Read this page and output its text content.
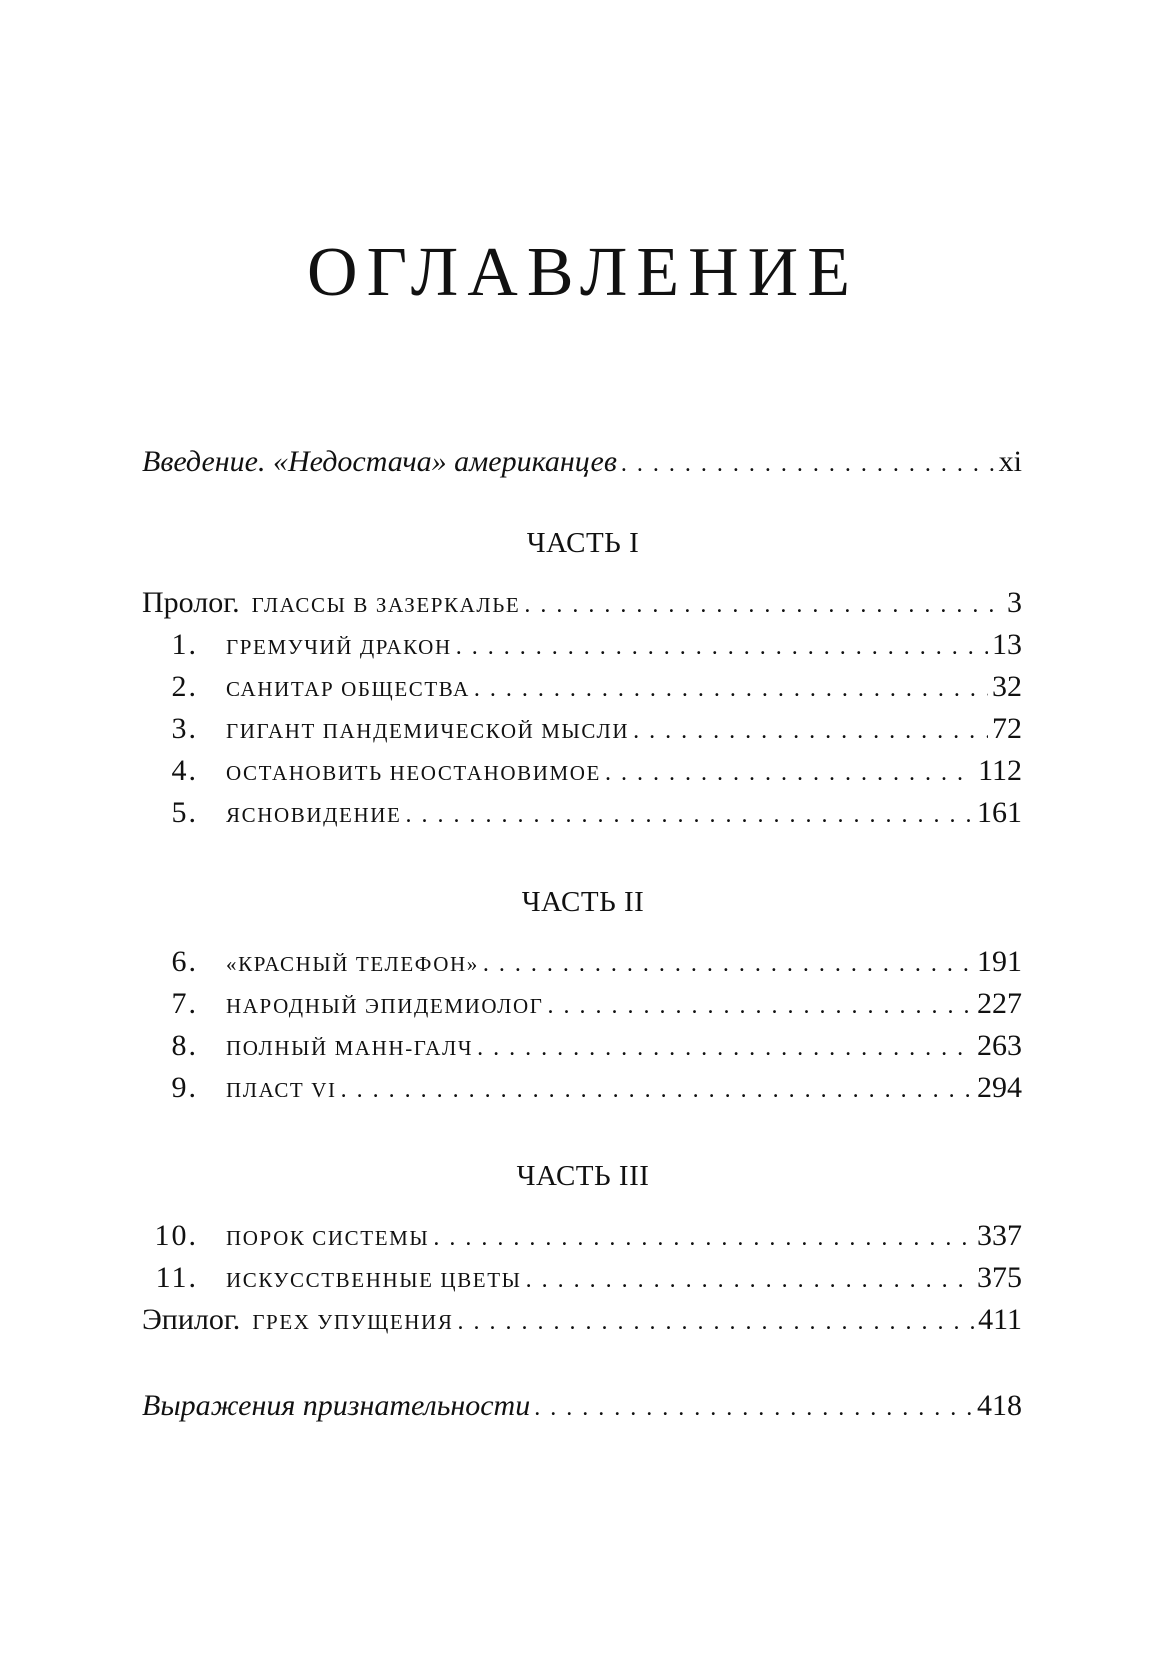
ОГЛАВЛЕНИЕ
Введение. «Недостача» американцев . . .	xi
ЧАСТЬ I
Пролог. ГЛАСCЫ В ЗАЗЕРКАЛЬЕ . . .	3
1. ГРЕМУЧИЙ ДРАКОН . . .	13
2. САНИТАР ОБЩЕСТВА . . .	32
3. ГИГАНТ ПАНДЕМИЧЕСКОЙ МЫСЛИ . . .	72
4. ОСТАНОВИТЬ НЕОСТАНОВИМОЕ . . .	112
5. ЯСНОВИДЕНИЕ . . .	161
ЧАСТЬ II
6. «КРАСНЫЙ ТЕЛЕФОН» . . .	191
7. НАРОДНЫЙ ЭПИДЕМИОЛОГ . . .	227
8. ПОЛНЫЙ МАНН-ГАЛЧ . . .	263
9. ПЛАСТ VI . . .	294
ЧАСТЬ III
10. ПОРОК СИСТЕМЫ . . .	337
11. ИСКУССТВЕННЫЕ ЦВЕТЫ . . .	375
Эпилог. ГРЕХ УПУЩЕНИЯ . . .	411
Выражения признательности . . .	418
